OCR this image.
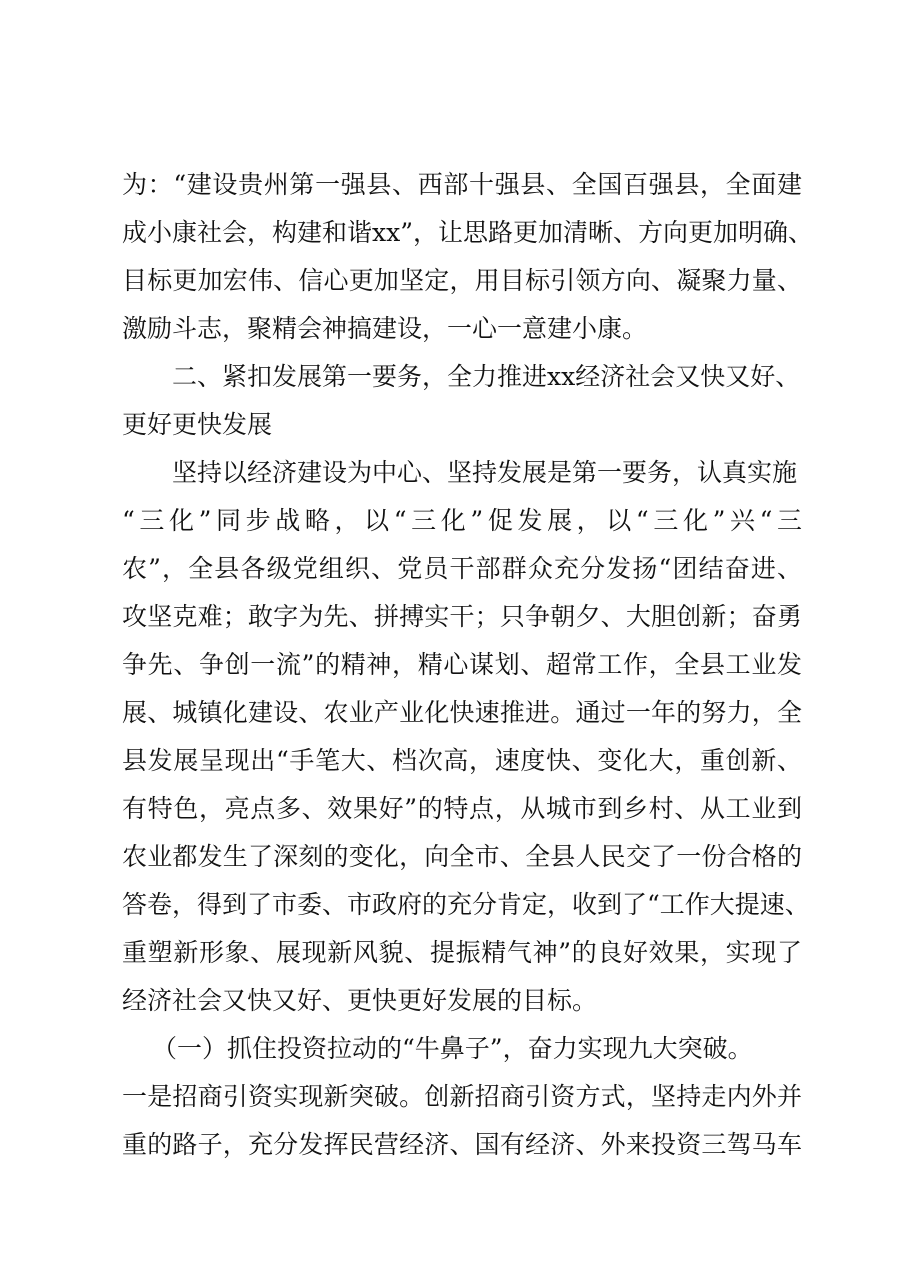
为：“建设贵州第一强县、西部十强县、全国百强县，全面建
成小康社会，构建和谐xx”，让思路更加清晰、方向更加明确、
目标更加宏伟、信心更加坚定，用目标引领方向、凝聚力量、
激励斗志，聚精会神搞建设，一心一意建小康。
二、紧扣发展第一要务，全力推进xx经济社会又快又好、
更好更快发展
坚持以经济建设为中心、坚持发展是第一要务，认真实施
“三化”同步战略，以“三化”促发展，以“三化”兴“三
农”，全县各级党组织、党员干部群众充分发扬“团结奋进、
攻坚克难；敢字为先、拼搏实干；只争朝夕、大胆创新；奋勇
争先、争创一流”的精神，精心谋划、超常工作，全县工业发
展、城镇化建设、农业产业化快速推进。通过一年的努力，全
县发展呈现出“手笔大、档次高，速度快、变化大，重创新、
有特色，亮点多、效果好”的特点，从城市到乡村、从工业到
农业都发生了深刻的变化，向全市、全县人民交了一份合格的
答卷，得到了市委、市政府的充分肯定，收到了“工作大提速、
重塑新形象、展现新风貌、提振精气神”的良好效果，实现了
经济社会又快又好、更快更好发展的目标。
（一）抓住投资拉动的“牛鼻子”，奋力实现九大突破。
一是招商引资实现新突破。创新招商引资方式，坚持走内外并
重的路子，充分发挥民营经济、国有经济、外来投资三驾马车
